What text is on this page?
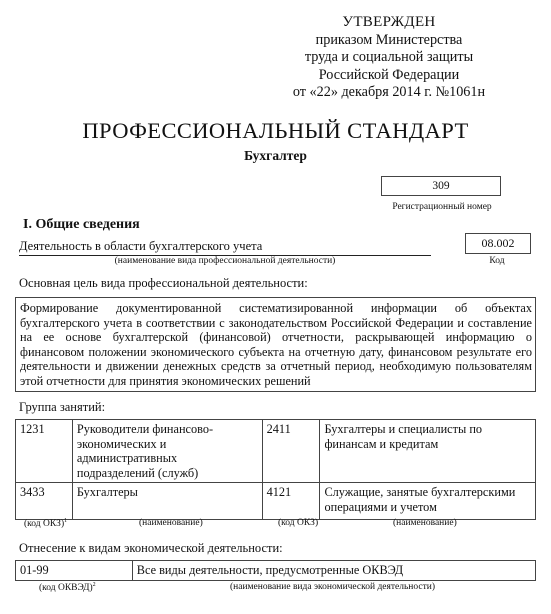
УТВЕРЖДЕН
приказом Министерства
труда и социальной защиты
Российской Федерации
от «22» декабря 2014 г. №1061н
ПРОФЕССИОНАЛЬНЫЙ СТАНДАРТ
Бухгалтер
309
Регистрационный номер
I. Общие сведения
Деятельность в области бухгалтерского учета
(наименование вида профессиональной деятельности)
08.002
Код
Основная цель вида профессиональной деятельности:
Формирование документированной систематизированной информации об объектах бухгалтерского учета в соответствии с законодательством Российской Федерации и составление на ее основе бухгалтерской (финансовой) отчетности, раскрывающей информацию о финансовом положении экономического субъекта на отчетную дату, финансовом результате его деятельности и движении денежных средств за отчетный период, необходимую пользователям этой отчетности для принятия экономических решений
Группа занятий:
1231	Руководители финансово-экономических и административных подразделений (служб)	2411	Бухгалтеры и специалисты по финансам и кредитам
3433	Бухгалтеры	4121	Служащие, занятые бухгалтерскими операциями и учетом
(код ОКЗ)$^1$	(наименование)	(код ОКЗ)	(наименование)
Отнесение к видам экономической деятельности:
01-99	Все виды деятельности, предусмотренные ОКВЭД
(код ОКВЭД)$^2$	(наименование вида экономической деятельности)
